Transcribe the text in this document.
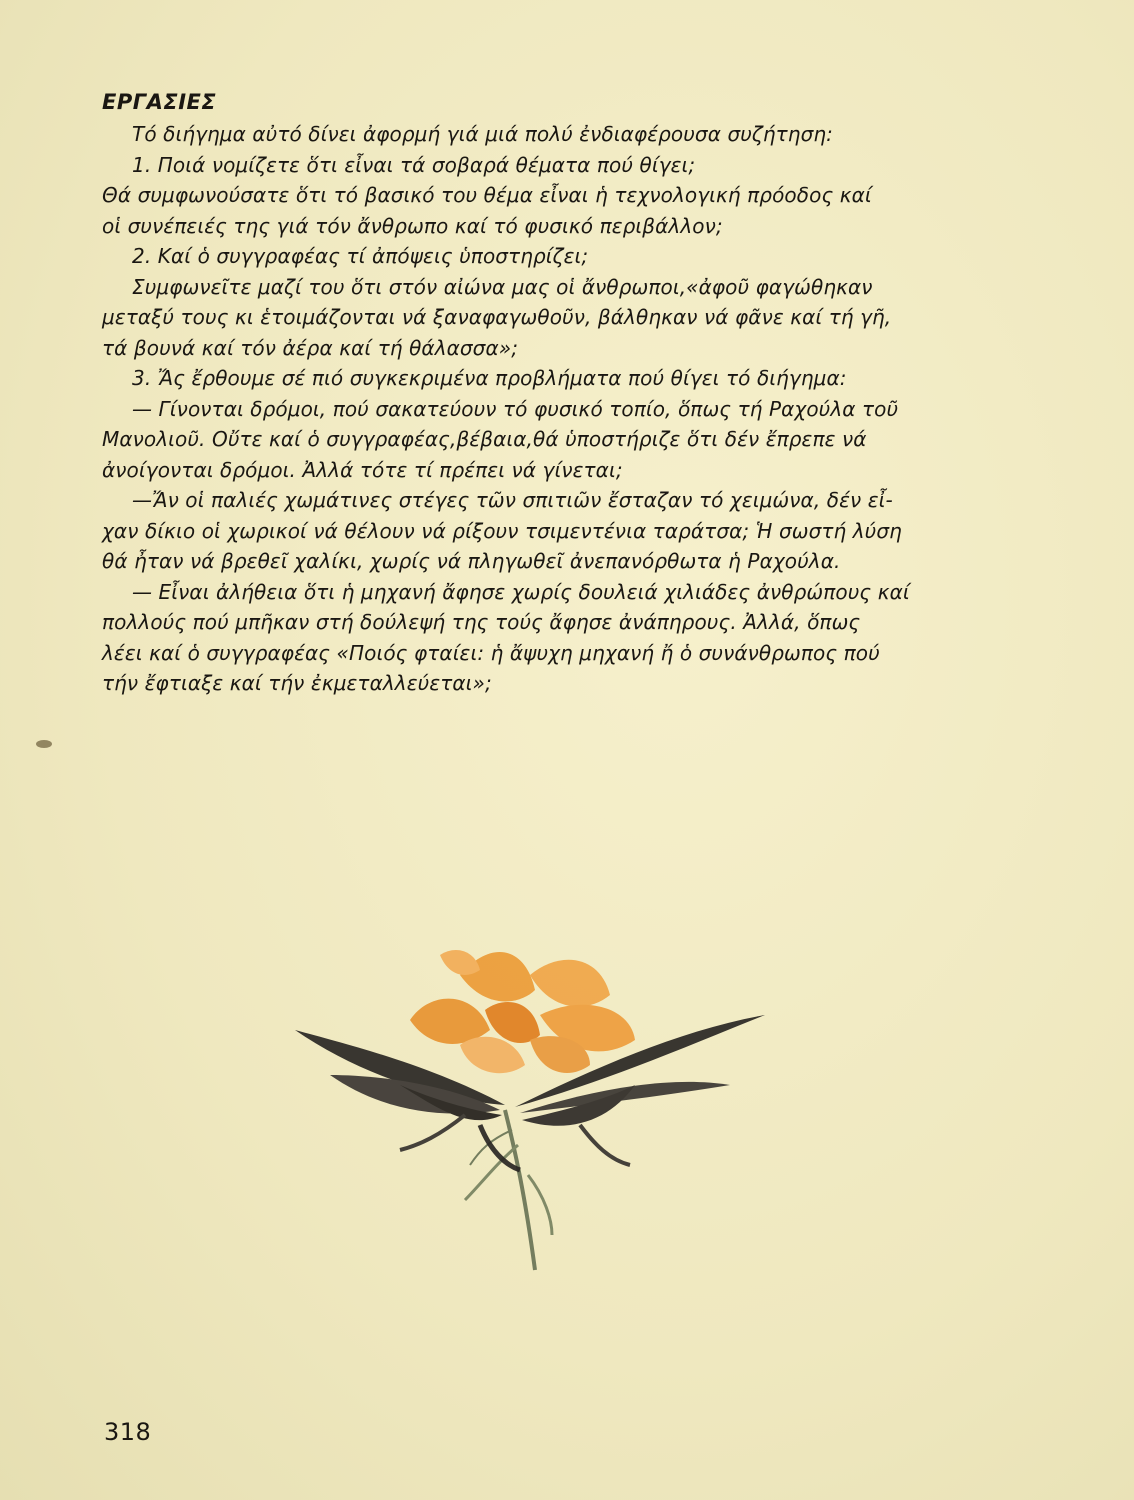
ΕΡΓΑΣΙΕΣ
Τό διήγημα αὐτό δίνει ἀφορμή γιά μιά πολύ ἐνδιαφέρουσα συζήτηση:
1. Ποιά νομίζετε ὅτι εἶναι τά σοβαρά θέματα πού θίγει;
Θά συμφωνούσατε ὅτι τό βασικό του θέμα εἶναι ἡ τεχνολογική πρόοδος καί
οἱ συνέπειές της γιά τόν ἄνθρωπο καί τό φυσικό περιβάλλον;
2. Καί ὁ συγγραφέας τί ἀπόψεις ὑποστηρίζει;
Συμφωνεῖτε μαζί του ὅτι στόν αἰώνα μας οἱ ἄνθρωποι,«ἀφοῦ φαγώθηκαν
μεταξύ τους κι ἑτοιμάζονται νά ξαναφαγωθοῦν, βάλθηκαν νά φᾶνε καί τή γῆ,
τά βουνά καί τόν ἀέρα καί τή θάλασσα»;
3. Ἄς ἔρθουμε σέ πιό συγκεκριμένα προβλήματα πού θίγει τό διήγημα:
— Γίνονται δρόμοι, πού σακατεύουν τό φυσικό τοπίο, ὅπως τή Ραχούλα τοῦ
Μανολιοῦ. Οὔτε καί ὁ συγγραφέας,βέβαια,θά ὑποστήριζε ὅτι δέν ἔπρεπε νά
ἀνοίγονται δρόμοι. Ἀλλά τότε τί πρέπει νά γίνεται;
—Ἄν οἱ παλιές χωμάτινες στέγες τῶν σπιτιῶν ἔσταζαν τό χειμώνα, δέν εἶ-
χαν δίκιο οἱ χωρικοί νά θέλουν νά ρίξουν τσιμεντένια ταράτσα; Ἡ σωστή λύση
θά ἦταν νά βρεθεῖ χαλίκι, χωρίς νά πληγωθεῖ ἀνεπανόρθωτα ἡ Ραχούλα.
— Εἶναι ἀλήθεια ὅτι ἡ μηχανή ἄφησε χωρίς δουλειά χιλιάδες ἀνθρώπους καί
πολλούς πού μπῆκαν στή δούλεψή της τούς ἄφησε ἀνάπηρους. Ἀλλά, ὅπως
λέει καί ὁ συγγραφέας «Ποιός φταίει: ἡ ἄψυχη μηχανή ἤ ὁ συνάνθρωπος πού
τήν ἔφτιαξε καί τήν ἐκμεταλλεύεται»;
318
